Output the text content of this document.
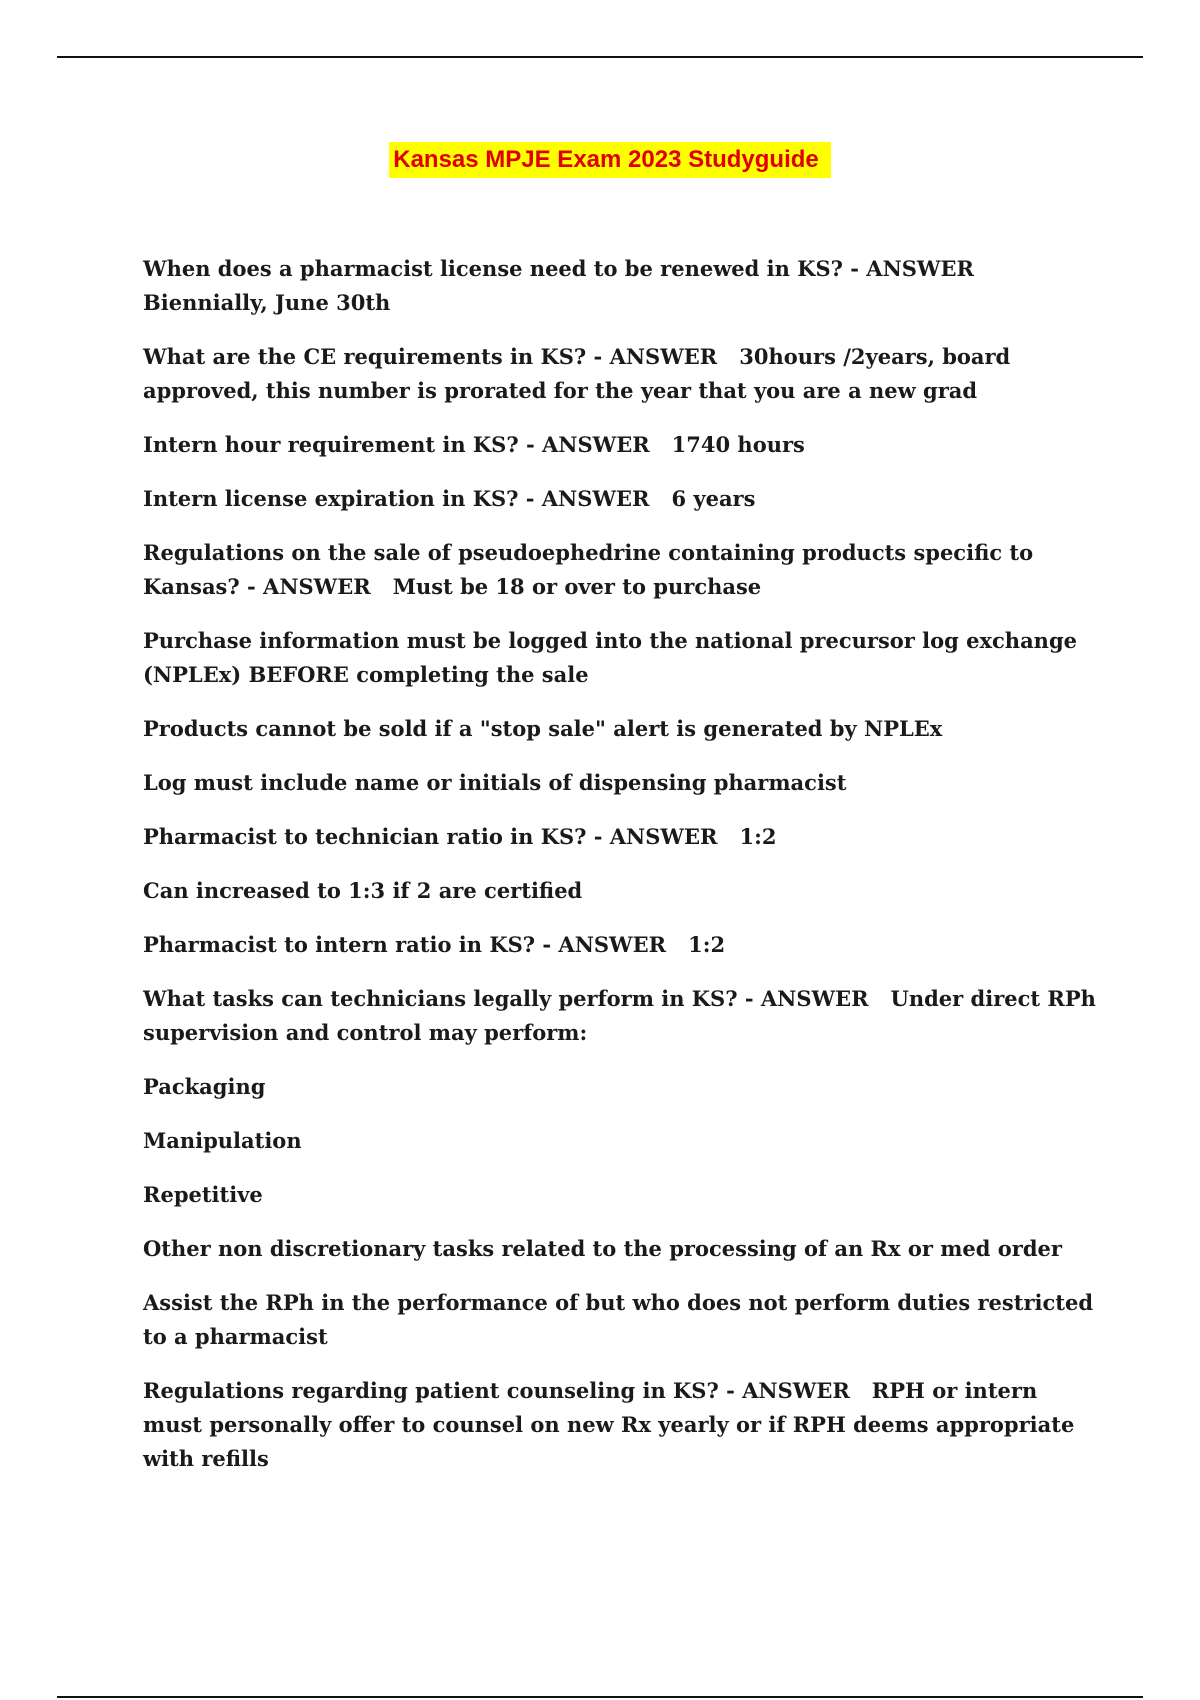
Kansas MPJE Exam 2023 Studyguide
When does a pharmacist license need to be renewed in KS? - ANSWERBiennially, June 30th
What are the CE requirements in KS? - ANSWER 30hours /2years, board approved, this number is prorated for the year that you are a new grad
Intern hour requirement in KS? - ANSWER 1740 hours
Intern license expiration in KS? - ANSWER 6 years
Regulations on the sale of pseudoephedrine containing products specific to Kansas? - ANSWER Must be 18 or over to purchase
Purchase information must be logged into the national precursor log exchange (NPLEx) BEFORE completing the sale
Products cannot be sold if a "stop sale" alert is generated by NPLEx
Log must include name or initials of dispensing pharmacist
Pharmacist to technician ratio in KS? - ANSWER 1:2
Can increased to 1:3 if 2 are certified
Pharmacist to intern ratio in KS? - ANSWER 1:2
What tasks can technicians legally perform in KS? - ANSWER Under direct RPh supervision and control may perform:
Packaging
Manipulation
Repetitive
Other non discretionary tasks related to the processing of an Rx or med order
Assist the RPh in the performance of but who does not perform duties restricted to a pharmacist
Regulations regarding patient counseling in KS? - ANSWER RPH or intern must personally offer to counsel on new Rx yearly or if RPH deems appropriate with refills
